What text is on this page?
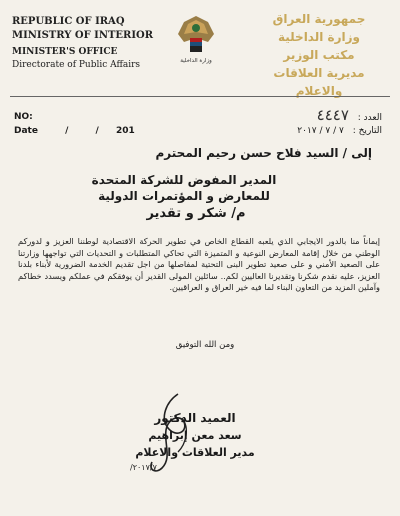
REPUBLIC OF IRAQ
MINISTRY OF INTERIOR
MINISTER'S OFFICE
Directorate of Public Affairs	وزارة الداخلية
جمهورية العراق
وزارة الداخلية
مكتب الوزير
مديرية العلاقات والاعلام
NO:
Date	/	/ 201
العدد : ٤٤٤٧
التاريخ : ٧ / ٧ / ٢٠١٧
إلى / السيد فلاح حسن رحيم المحترم
المدير المفوض للشركة المتحدة
للمعارض و المؤتمرات الدولية
م/ شكر و تقدير
إيماناً منا بالدور الايجابي الذي يلعبه القطاع الخاص في تطوير الحركة الاقتصادية لوطننا العزيز و لدوركم الوطني من خلال إقامة المعارض النوعية و المتميزة التي تحاكي المتطلبات و التحديات التي تواجهها وزارتنا على الصعيد الأمني و على صعيد تطوير البنى التحتية لمفاصلها من اجل تقديم الخدمة الضرورية لأبناء بلدنا العزيز، عليه نقدم شكرنا وتقديرنا العاليين لكم.. سائلين المولى القدير أن يوفقكم في عملكم ويسدد خطاكم وآملين المزيد من التعاون البناء لما فيه خير العراق و العراقيين.
ومن الله التوفيق
العميد الدكتور
سعد معن إبراهيم
مدير العلاقات والاعلام
٢٠١٧/٧/
